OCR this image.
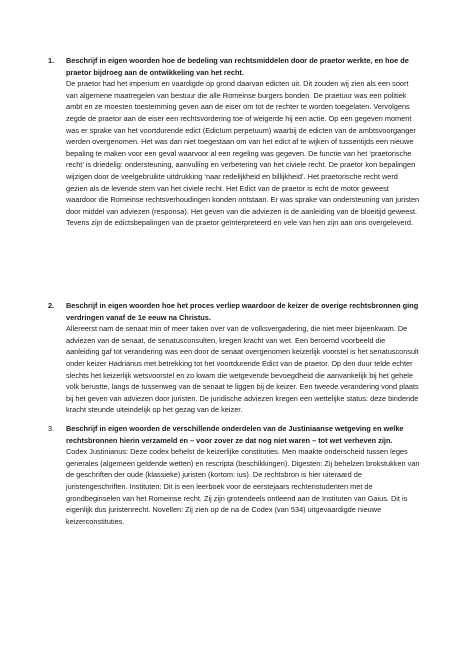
1. Beschrijf in eigen woorden hoe de bedeling van rechtsmiddelen door de praetor werkte, en hoe de praetor bijdroeg aan de ontwikkeling van het recht.

De praetor had het imperium en vaardigde op grond daarvan edicten uit. Dit zouden wij zien als een soort van algemene maatregelen van bestuur die alle Romeinse burgers bonden. De praetuur was een politiek ambt en ze moesten toestemming geven aan de eiser om tot de rechter te worden toegelaten. Vervolgens zegde de praetor aan de eiser een rechtsvordering toe of weigerde hij een actie. Op een gegeven moment was er sprake van het voortdurende edict (Edictum perpetuum) waarbij de edicten van de ambtsvoorganger werden overgenomen. Het was dan niet toegestaan om van het edict af te wijken of tussentijds een nieuwe bepaling te maken voor een geval waarvoor al een regeling was gegeven. De functie van het ‘praetorische recht’ is driedelig: ondersteuning, aanvulling en verbetering van het civiele recht. De praetor kon bepalingen wijzigen door de veelgebruikte uitdrukking ‘naar redelijkheid en billijkheid’. Het praetorische recht werd gezien als de levende stem van het civiele recht. Het Edict van de praetor is echt de motor geweest waardoor die Romeinse rechtsverhoudingen konden ontstaan. Er was sprake van ondersteuning van juristen door middel van adviezen (responsa). Het geven van die adviezen is de aanleiding van de bloeitijd geweest. Tevens zijn de edictsbepalingen van de praetor geïnterpreteerd en vele van hen zijn aan ons overgeleverd.

2. Beschrijf in eigen woorden hoe het proces verliep waardoor de keizer de overige rechtsbronnen ging verdringen vanaf de 1e eeuw na Christus.

Allereerst nam de senaat min of meer taken over van de volksvergadering, die niet meer bijeenkwam. De adviezen van de senaat, de senatusconsulten, kregen kracht van wet. Een beroemd voorbeeld die aanleiding gaf tot verandering was een door de senaat overgenomen keizerlijk voorstel is het senatusconsult onder keizer Hadrianus met betrekking tot het voortdurende Edict van de praetor. Op den duur telde echter slechts het keizerlijk wetsvoorstel en zo kwam die wetgevende bevoegdheid die aanvankelijk bij het gehele volk berustte, langs de tussenweg van de senaat te liggen bij de keizer. Een tweede verandering vond plaats bij het geven van adviezen door juristen. De juridische adviezen kregen een wettelijke status: deze bindende kracht steunde uiteindelijk op het gezag van de keizer.

3. Beschrijf in eigen woorden de verschillende onderdelen van de Justiniaanse wetgeving en welke rechtsbronnen hierin verzameld en – voor zover ze dat nog niet waren – tot wet verheven zijn.

Codex Justinianus: Deze codex behelst de keizerlijke constituties. Men maakte onderscheid tussen leges generales (algemeen geldende wetten) en rescripta (beschikkingen). Digesten: Zij behelzen brokstukken van de geschriften der oude (klassieke) juristen (kortom: ius). De rechtsbron is hier uiteraard de juristengeschriften. Instituten: Dit is een leerboek voor de eerstejaars rechtenstudenten met de grondbeginselen van het Romeinse recht. Zij zijn grotendeels ontleend aan de Instituten van Gaius. Dit is eigenlijk dus juristenrecht. Novellen: Zij zien op de na de Codex (van 534) uitgevaardigde nieuwe keizerconstituties.
